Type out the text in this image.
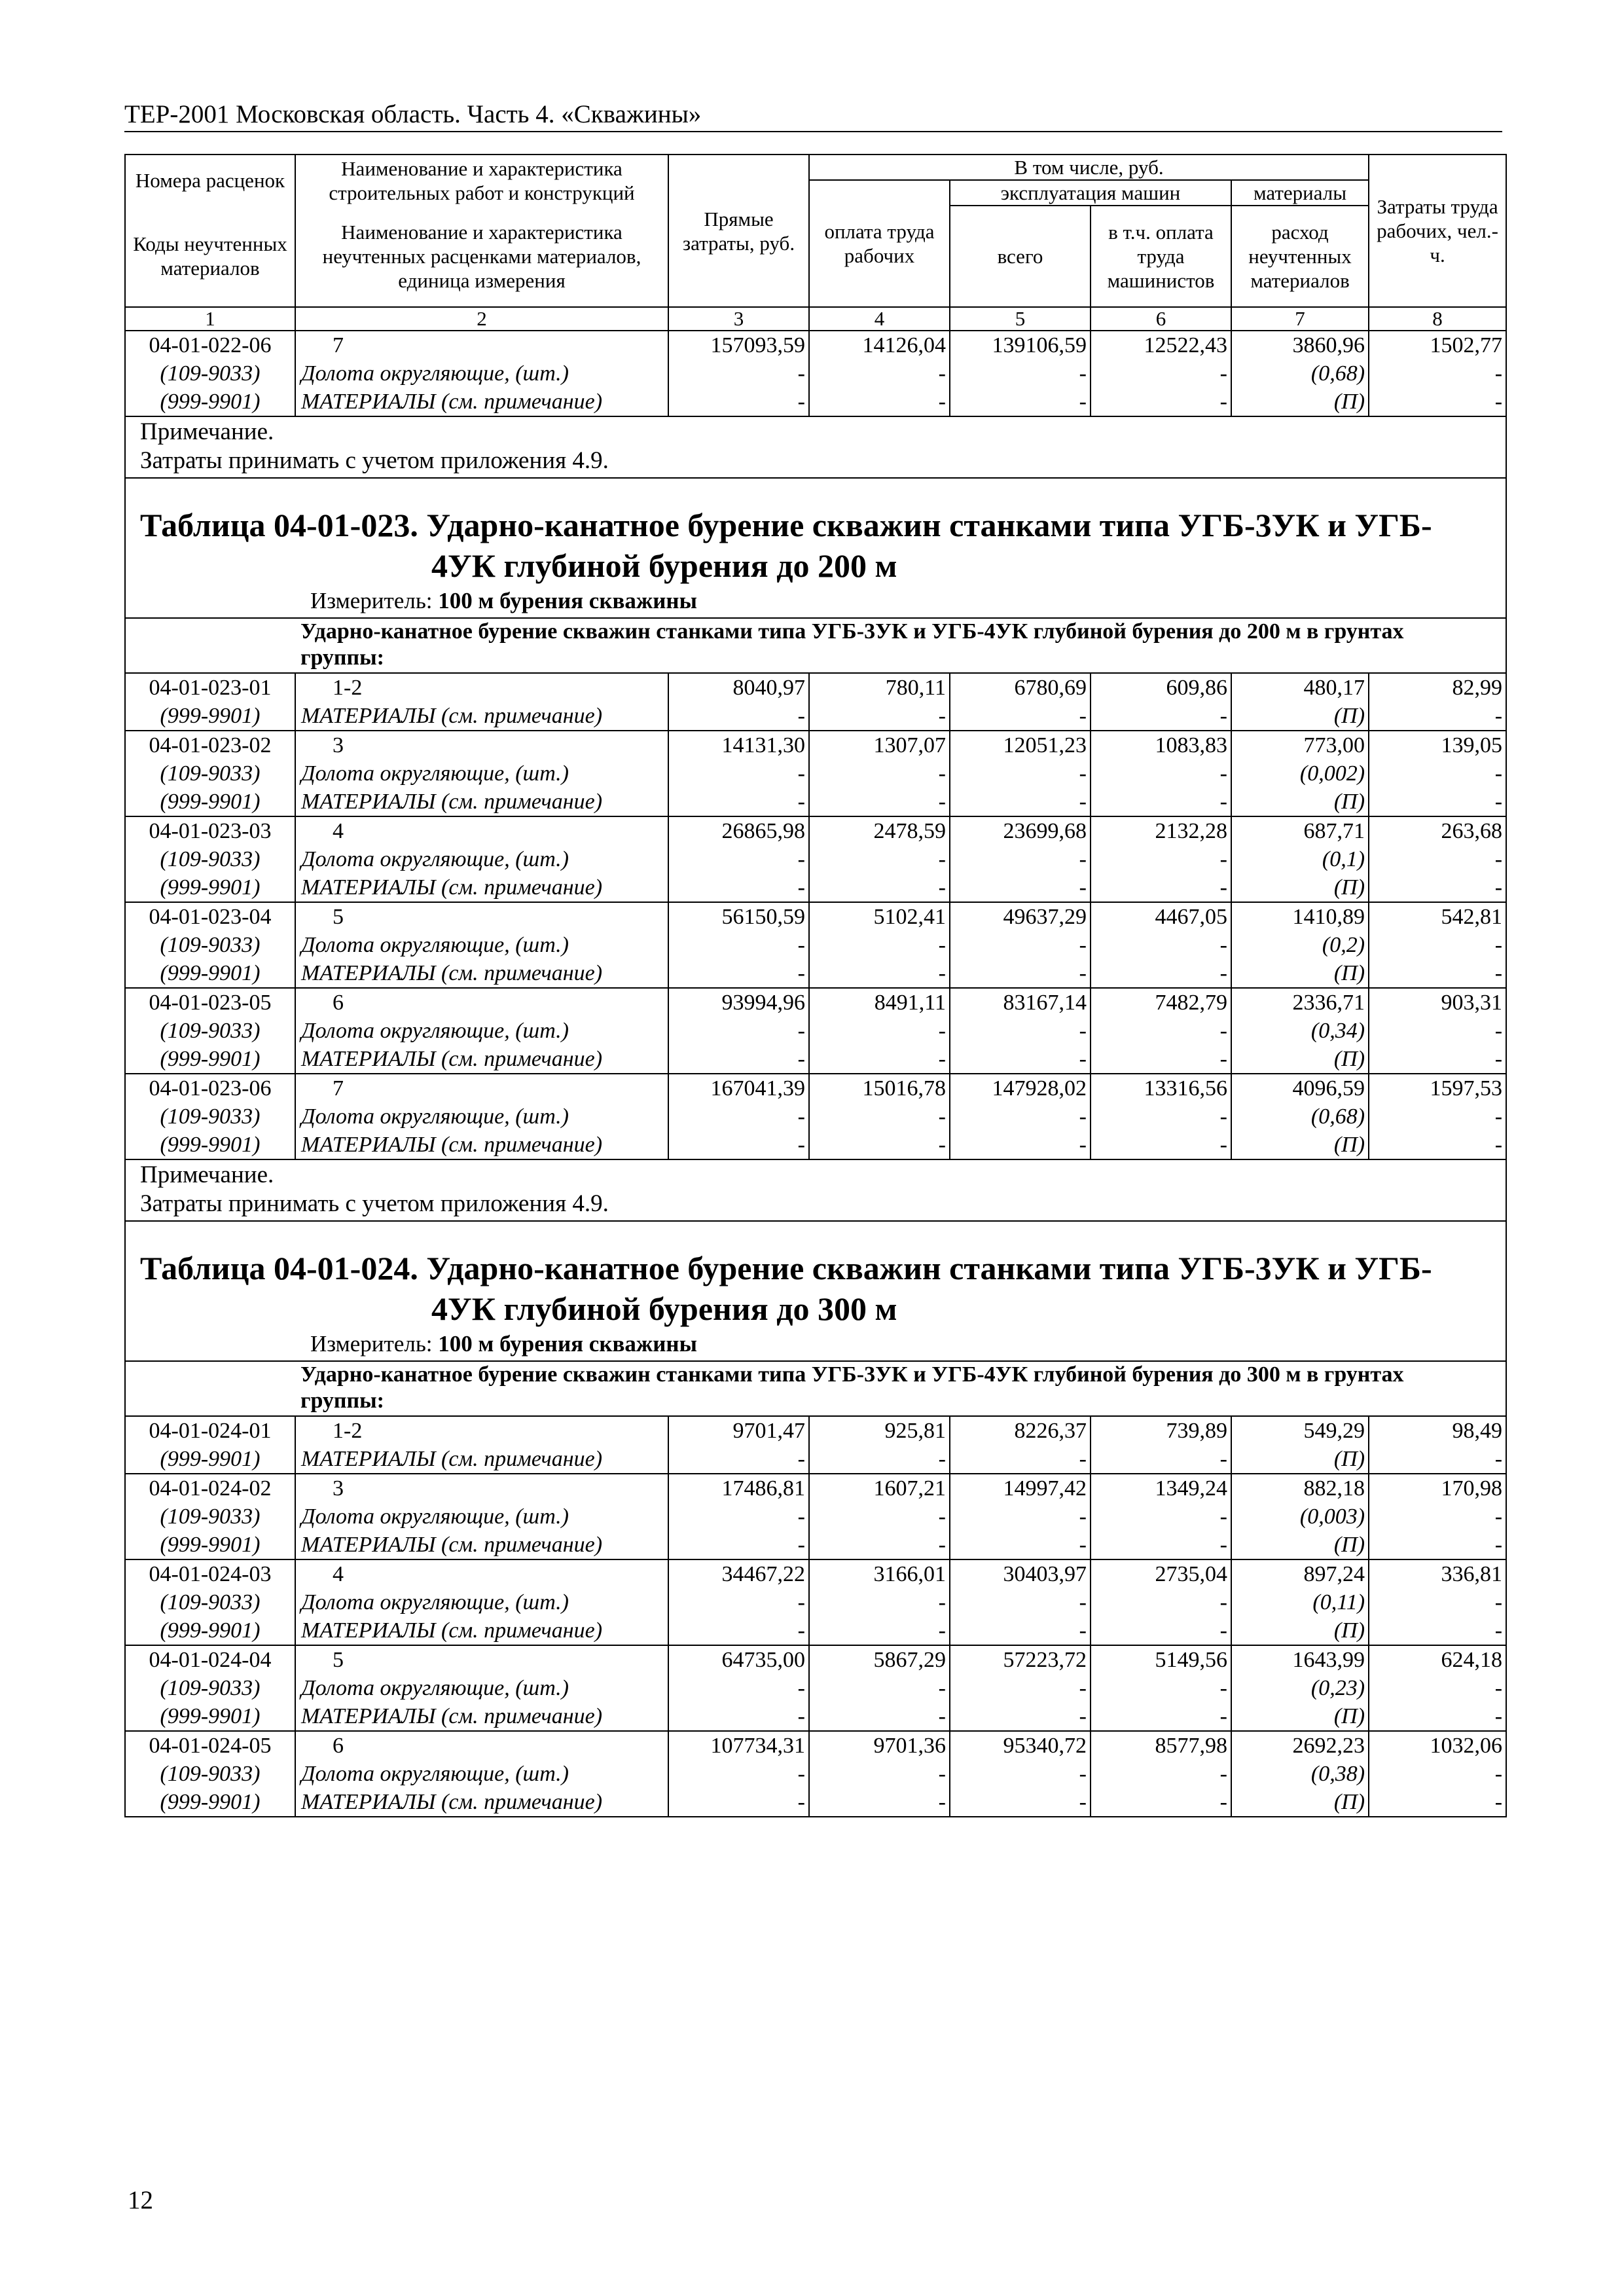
ТЕР-2001 Московская область. Часть 4. «Скважины»
Номера расценок	Наименование и характеристика строительных работ и конструкций	Прямые затраты, руб.	В том числе, руб.				Затраты труда рабочих, чел.-ч.
			оплата труда рабочих	эксплуатация машин		материалы	
Коды неучтенных материалов	Наименование и характеристика неучтенных расценками материалов, единица измерения			всего	в т.ч. оплата труда машинистов	расход неучтенных материалов	

1	2	3	4	5	6	7	8
04-01-022-06	7	157093,59	14126,04	139106,59	12522,43	3860,96	1502,77
(109-9033)	Долота округляющие, (шт.)	-	-	-	-	(0,68)	-
(999-9901)	МАТЕРИАЛЫ (см. примечание)	-	-	-	-	(П)	-
Примечание.							
Затраты принимать с учетом приложения 4.9.							
Таблица 04-01-023. Ударно-канатное бурение скважин станками типа УГБ-3УК и УГБ-
4УК глубиной бурения до 200 м							

Измеритель: 100 м бурения скважины							
	Ударно-канатное бурение скважин станками типа УГБ-3УК и УГБ-4УК глубиной бурения до 200 м в грунтах группы:						
04-01-023-01	1-2	8040,97	780,11	6780,69	609,86	480,17	82,99
(999-9901)	МАТЕРИАЛЫ (см. примечание)	-	-	-	-	(П)	-
04-01-023-02	3	14131,30	1307,07	12051,23	1083,83	773,00	139,05
(109-9033)	Долота округляющие, (шт.)	-	-	-	-	(0,002)	-
(999-9901)	МАТЕРИАЛЫ (см. примечание)	-	-	-	-	(П)	-
04-01-023-03	4	26865,98	2478,59	23699,68	2132,28	687,71	263,68
(109-9033)	Долота округляющие, (шт.)	-	-	-	-	(0,1)	-
(999-9901)	МАТЕРИАЛЫ (см. примечание)	-	-	-	-	(П)	-
04-01-023-04	5	56150,59	5102,41	49637,29	4467,05	1410,89	542,81
(109-9033)	Долота округляющие, (шт.)	-	-	-	-	(0,2)	-
(999-9901)	МАТЕРИАЛЫ (см. примечание)	-	-	-	-	(П)	-
04-01-023-05	6	93994,96	8491,11	83167,14	7482,79	2336,71	903,31
(109-9033)	Долота округляющие, (шт.)	-	-	-	-	(0,34)	-
(999-9901)	МАТЕРИАЛЫ (см. примечание)	-	-	-	-	(П)	-
04-01-023-06	7	167041,39	15016,78	147928,02	13316,56	4096,59	1597,53
(109-9033)	Долота округляющие, (шт.)	-	-	-	-	(0,68)	-
(999-9901)	МАТЕРИАЛЫ (см. примечание)	-	-	-	-	(П)	-
Примечание.							
Затраты принимать с учетом приложения 4.9.							
Таблица 04-01-024. Ударно-канатное бурение скважин станками типа УГБ-3УК и УГБ-
4УК глубиной бурения до 300 м							

Измеритель: 100 м бурения скважины							
	Ударно-канатное бурение скважин станками типа УГБ-3УК и УГБ-4УК глубиной бурения до 300 м в грунтах группы:						
04-01-024-01	1-2	9701,47	925,81	8226,37	739,89	549,29	98,49
(999-9901)	МАТЕРИАЛЫ (см. примечание)	-	-	-	-	(П)	-
04-01-024-02	3	17486,81	1607,21	14997,42	1349,24	882,18	170,98
(109-9033)	Долота округляющие, (шт.)	-	-	-	-	(0,003)	-
(999-9901)	МАТЕРИАЛЫ (см. примечание)	-	-	-	-	(П)	-
04-01-024-03	4	34467,22	3166,01	30403,97	2735,04	897,24	336,81
(109-9033)	Долота округляющие, (шт.)	-	-	-	-	(0,11)	-
(999-9901)	МАТЕРИАЛЫ (см. примечание)	-	-	-	-	(П)	-
04-01-024-04	5	64735,00	5867,29	57223,72	5149,56	1643,99	624,18
(109-9033)	Долота округляющие, (шт.)	-	-	-	-	(0,23)	-
(999-9901)	МАТЕРИАЛЫ (см. примечание)	-	-	-	-	(П)	-
04-01-024-05	6	107734,31	9701,36	95340,72	8577,98	2692,23	1032,06
(109-9033)	Долота округляющие, (шт.)	-	-	-	-	(0,38)	-
(999-9901)	МАТЕРИАЛЫ (см. примечание)	-	-	-	-	(П)	-
12
